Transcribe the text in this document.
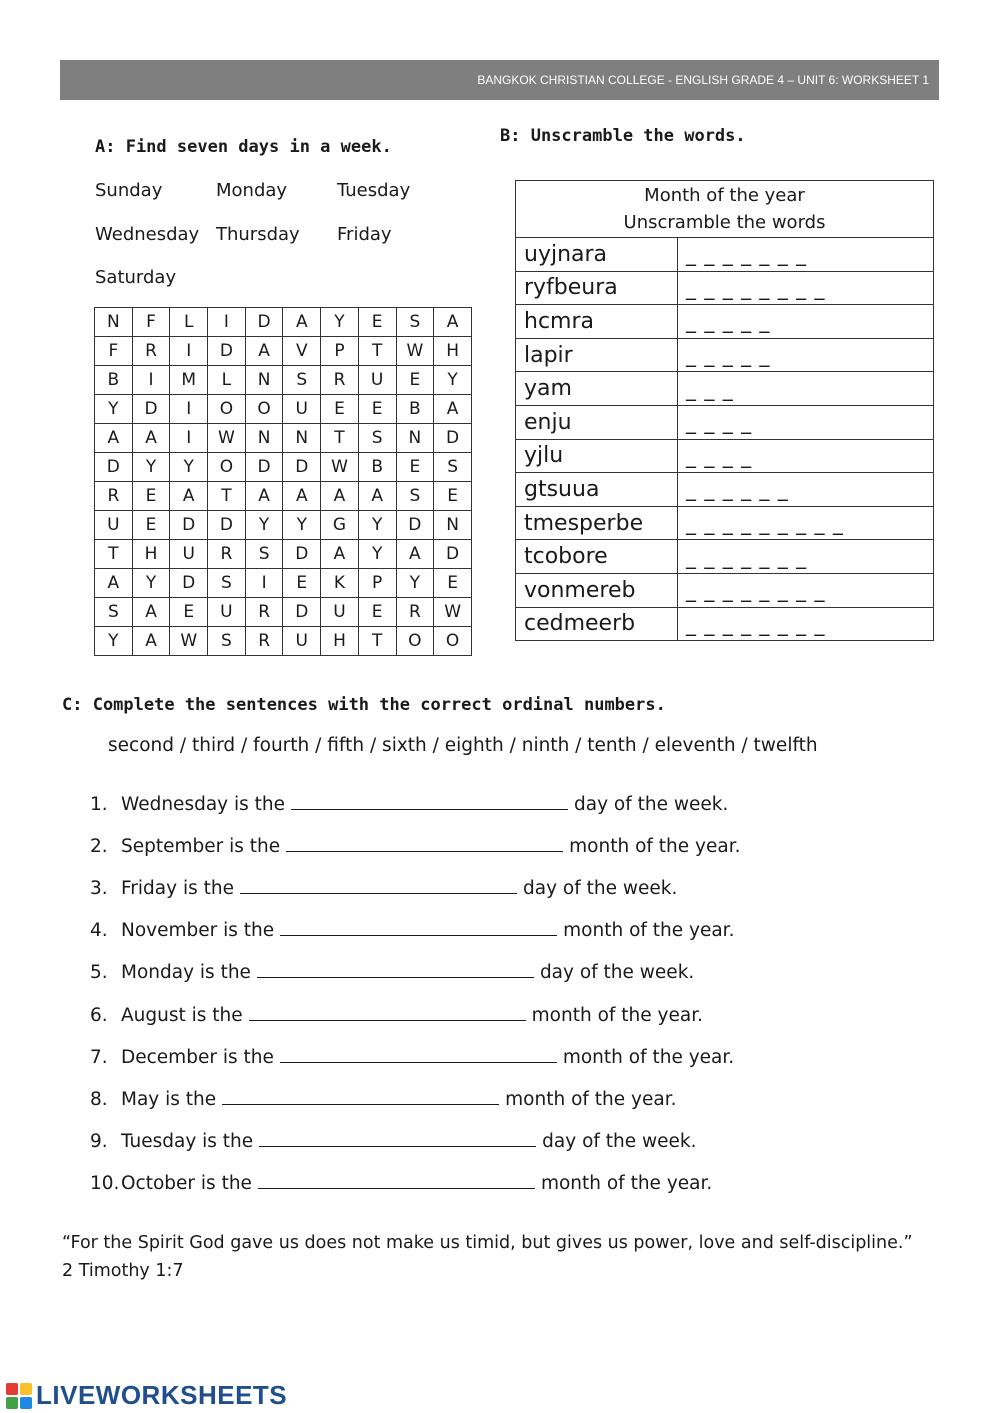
BANGKOK CHRISTIAN COLLEGE - ENGLISH GRADE 4 – UNIT 6: WORKSHEET 1
A: Find seven days in a week.
Sunday	Monday	Tuesday
Wednesday Thursday Friday
Saturday
N	F	L	I	D	A	Y	E	S	A
F	R	I	D	A	V	P	T	W	H
B	I	M	L	N	S	R	U	E	Y
Y	D	I	O	O	U	E	E	B	A
A	A	I	W	N	N	T	S	N	D
D	Y	Y	O	D	D	W	B	E	S
R	E	A	T	A	A	A	A	S	E
U	E	D	D	Y	Y	G	Y	D	N
T	H	U	R	S	D	A	Y	A	D
A	Y	D	S	I	E	K	P	Y	E
S	A	E	U	R	D	U	E	R	W
Y	A	W	S	R	U	H	T	O	O
B: Unscramble the words.
Month of the year
Unscramble the words	

uyjnara	_ _ _ _ _ _ _
ryfbeura	_ _ _ _ _ _ _ _
hcmra	_ _ _ _ _
lapir	_ _ _ _ _
yam	_ _ _
enju	_ _ _ _
yjlu	_ _ _ _
gtsuua	_ _ _ _ _ _
tmesperbe	_ _ _ _ _ _ _ _ _
tcobore	_ _ _ _ _ _ _
vonmereb	_ _ _ _ _ _ _ _
cedmeerb	_ _ _ _ _ _ _ _
C: Complete the sentences with the correct ordinal numbers.
second / third / fourth / fifth / sixth / eighth / ninth / tenth / eleventh / twelfth
1. Wednesday is the	day of the week.
2. September is the	month of the year.
3. Friday is the	day of the week.
4. November is the	month of the year.
5. Monday is the	day of the week.
6. August is the	month of the year.
7. December is the	month of the year.
8. May is the	month of the year.
9. Tuesday is the	day of the week.
10. October is the	month of the year.
“For the Spirit God gave us does not make us timid, but gives us power, love and self-discipline.”
2 Timothy 1:7
LIVEWORKSHEETS
